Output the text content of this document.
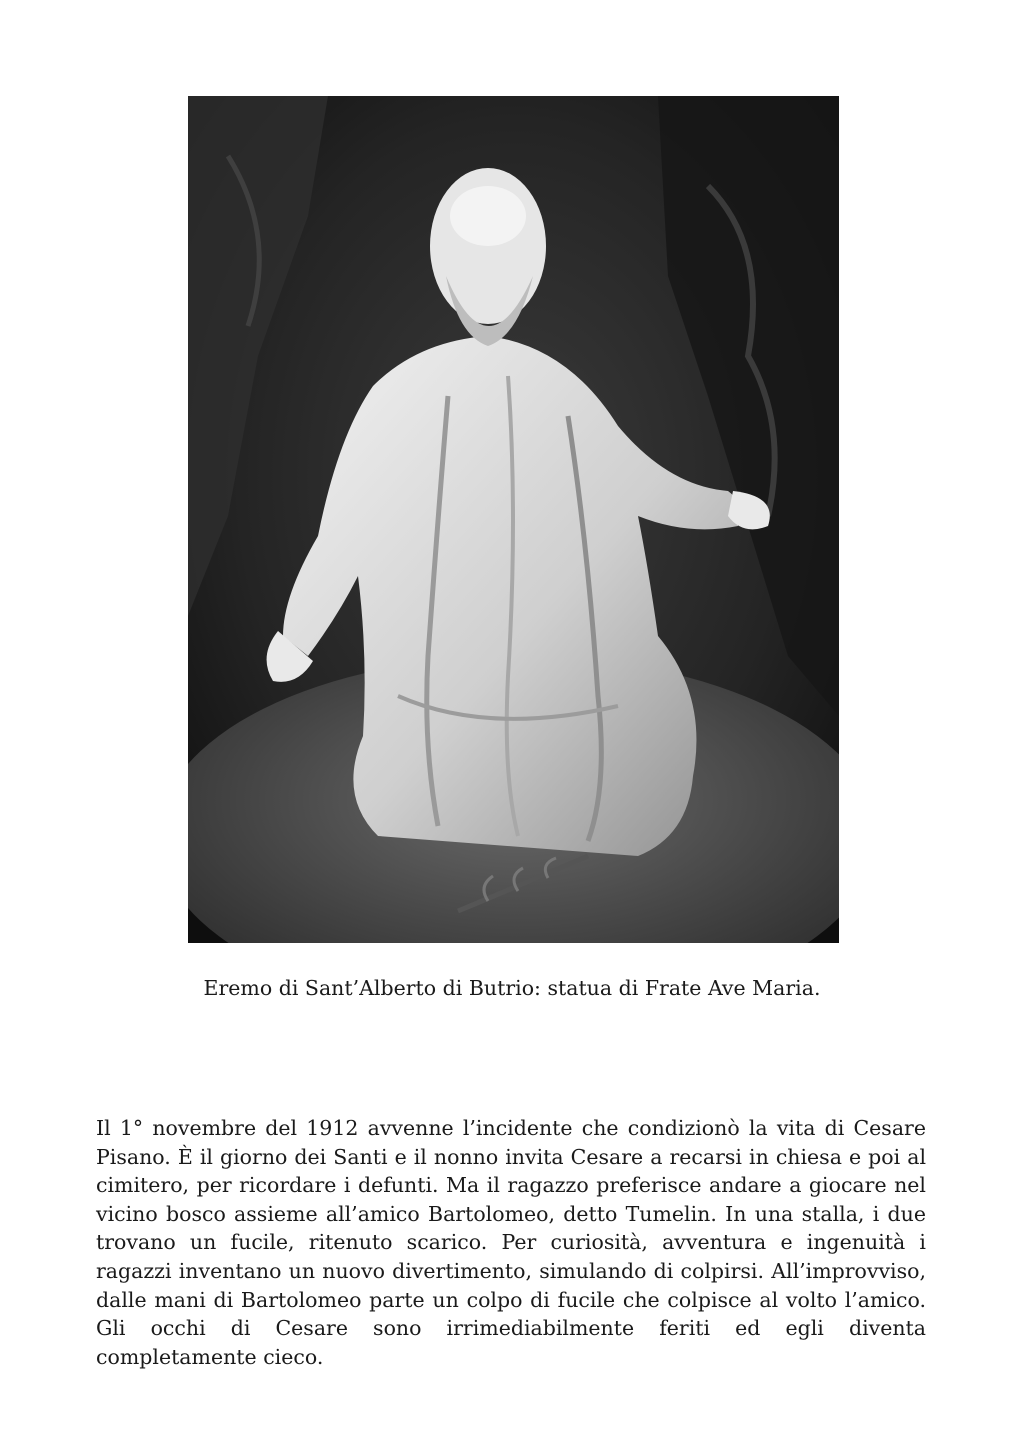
Eremo di Sant’Alberto di Butrio: statua di Frate Ave Maria.

Il 1° novembre del 1912 avvenne l’incidente che condizionò la vita di Cesare Pisano. È il giorno dei Santi e il nonno invita Cesare a recarsi in chiesa e poi al cimitero, per ricordare i defunti. Ma il ragazzo preferisce andare a giocare nel vicino bosco assieme all’amico Bartolomeo, detto Tumelin. In una stalla, i due trovano un fucile, ritenuto scarico. Per curiosità, avventura e ingenuità i ragazzi inventano un nuovo divertimento, simulando di colpirsi. All’improvviso, dalle mani di Bartolomeo parte un colpo di fucile che colpisce al volto l’amico. Gli occhi di Cesare sono irrimediabilmente feriti ed egli diventa completamente cieco.
